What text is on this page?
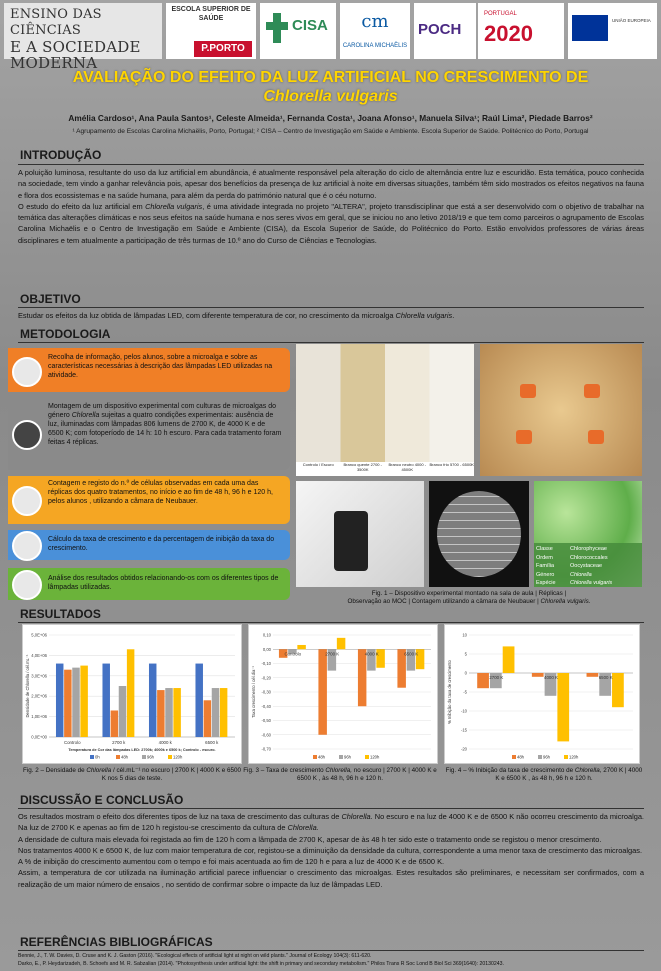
ENSINO DAS CIÊNCIAS
E A SOCIEDADE MODERNA
ESCOLA SUPERIOR DE SAÚDE
P.PORTO
CISA	cm
CAROLINA MICHAËLIS
POCH
PORTUGAL
2020
UNIÃO EUROPEIA
AVALIAÇÃO DO EFEITO DA LUZ ARTIFICIAL NO CRESCIMENTO DE
Chlorella vulgaris
Amélia Cardoso¹, Ana Paula Santos¹, Celeste Almeida¹, Fernanda Costa¹, Joana Afonso¹, Manuela Silva¹; Raúl Lima², Piedade Barros²
¹ Agrupamento de Escolas Carolina Michaëlis, Porto, Portugal; ² CISA – Centro de Investigação em Saúde e Ambiente. Escola Superior de Saúde. Politécnico do Porto, Portugal
INTRODUÇÃO

A poluição luminosa, resultante do uso da luz artificial em abundância, é atualmente responsável pela alteração do ciclo de alternância entre luz e escuridão. Esta temática, pouco conhecida na sociedade, tem vindo a ganhar relevância pois, apesar dos benefícios da presença de luz artificial à noite em diversas situações, também têm sido mostrados os efeitos negativos na fauna e flora dos ecossistemas e na saúde humana, para além da perda do património natural que é o céu noturno.

O estudo do efeito da luz artificial em Chlorella vulgaris, é uma atividade integrada no projeto "ALTERA", projeto transdisciplinar que está a ser desenvolvido com o objetivo de trabalhar na temática das alterações climáticas e nos seus efeitos na saúde humana e nos seres vivos em geral, que se iniciou no ano letivo 2018/19 e que tem como parceiros o agrupamento de Escolas Carolina Michaëlis e o Centro de Investigação em Saúde e Ambiente (CISA), da Escola Superior de Saúde, do Politécnico do Porto. Estão envolvidos professores de várias áreas disciplinares e tem atualmente a participação de três turmas de 10.º ano do Curso de Ciências e Tecnologias.

OBJETIVO
Estudar os efeitos da luz obtida de lâmpadas LED, com diferente temperatura de cor, no crescimento da microalga Chlorella vulgaris.
METODOLOGIA
Recolha de informação, pelos alunos, sobre a microalga e sobre as características necessárias à descrição das lâmpadas LED utilizadas na atividade.
Montagem de um dispositivo experimental com culturas de microalgas do género Chlorella sujeitas a quatro condições experimentais: ausência de luz, iluminadas com lâmpadas 806 lumens de 2700 K, de 4000 K e de 6500 K; com fotoperíodo de 14 h: 10 h escuro. Para cada tratamento foram feitas 4 réplicas.
Contagem e registo do n.º de células observadas em cada uma das réplicas dos quatro tratamentos, no início e ao fim de 48 h, 96 h e 120 h, pelos alunos , utilizando a câmara de Neubauer.
Cálculo da taxa de crescimento e da percentagem de inibição da taxa do crescimento.
Análise dos resultados obtidos relacionando-os com os diferentes tipos de lâmpadas utilizadas.
Controlo / Escuro	Branco quente 2700 - 3500K
Branco neutro 4000 - 4500K
Branco frio 5700 - 6500K
Classe	Chlorophyceae
Ordem	Chlorococcales
Família	Oocystaceae
Género	Chlorella
Espécie	Chlorella vulgaris
Fig. 1 – Dispositivo experimental montado na sala de aula | Réplicas |
Observação ao MOC | Contagem utilizando a câmara de Neubauer | Chlorella vulgaris.
RESULTADOS
0,0E+00
1,0E+06
2,0E+06
3,0E+06
4,0E+06
5,0E+06
Controlo	2700 k	4000 k	6500 k
Densidade de Chlorella / cél.mL⁻¹
Temperatura de Cor das lâmpadas LED: 2700k; 4000k e 6500 k; Controlo - escuro.
0h	48h	96h	120h
0,10
0,00
-0,10
-0,20
-0,30
-0,40
-0,50
-0,60
-0,70
Controlo	2700 K	4000 K	6500 K
Taxa crescimento / cél.dia⁻¹
48h	96h	120h
10
5
0
-5
-10
-15
-20
2700 K	4000 K	6500 K
% Inibição da taxa de crescimento
48h	96h	120h
Fig. 2 – Densidade de Chlorella / cél.mL⁻¹ no escuro | 2700 K | 4000 K e 6500 K nos 5 dias de teste.
Fig. 3 – Taxa de crescimento Chlorella, no escuro | 2700 K | 4000 K e 6500 K , às 48 h, 96 h e 120 h.
Fig. 4 – % Inibição da taxa de crescimento de Chlorella, 2700 K | 4000 K e 6500 K , às 48 h, 96 h e 120 h.
DISCUSSÃO E CONCLUSÃO

Os resultados mostram o efeito dos diferentes tipos de luz na taxa de crescimento das culturas de Chlorella. No escuro e na luz de 4000 K e de 6500 K não ocorreu crescimento da microalga. Na luz de 2700 K e apenas ao fim de 120 h registou-se crescimento da cultura de Chlorella.

A densidade de cultura mais elevada foi registada ao fim de 120 h com a lâmpada de 2700 K, apesar de às 48 h ter sido este o tratamento onde se registou o menor crescimento.

Nos tratamentos 4000 K e 6500 K, de luz com maior temperatura de cor, registou-se a diminuição da densidade da cultura, correspondente a uma menor taxa de crescimento das microalgas.

A % de inibição do crescimento aumentou com o tempo e foi mais acentuada ao fim de 120 h e para a luz de 4000 K e de 6500 K.

Assim, a temperatura de cor utilizada na iluminação artificial parece influenciar o crescimento das microalgas. Estes resultados são preliminares, e necessitam ser confirmados, com a realização de um maior número de ensaios , no sentido de confirmar sobre o impacte da luz de lâmpadas LED.

REFERÊNCIAS BIBLIOGRÁFICAS

Bennie, J., T. W. Davies, D. Cruse and K. J. Gaston (2016). "Ecological effects of artificial light at night on wild plants." Journal of Ecology 104(3): 611-620.

Darko, E., P. Heydarizadeh, B. Schoefs and M. R. Sabzalian (2014). "Photosynthesis under artificial light: the shift in primary and secondary metabolism." Philos Trans R Soc Lond B Biol Sci 369(1640): 20130243.
